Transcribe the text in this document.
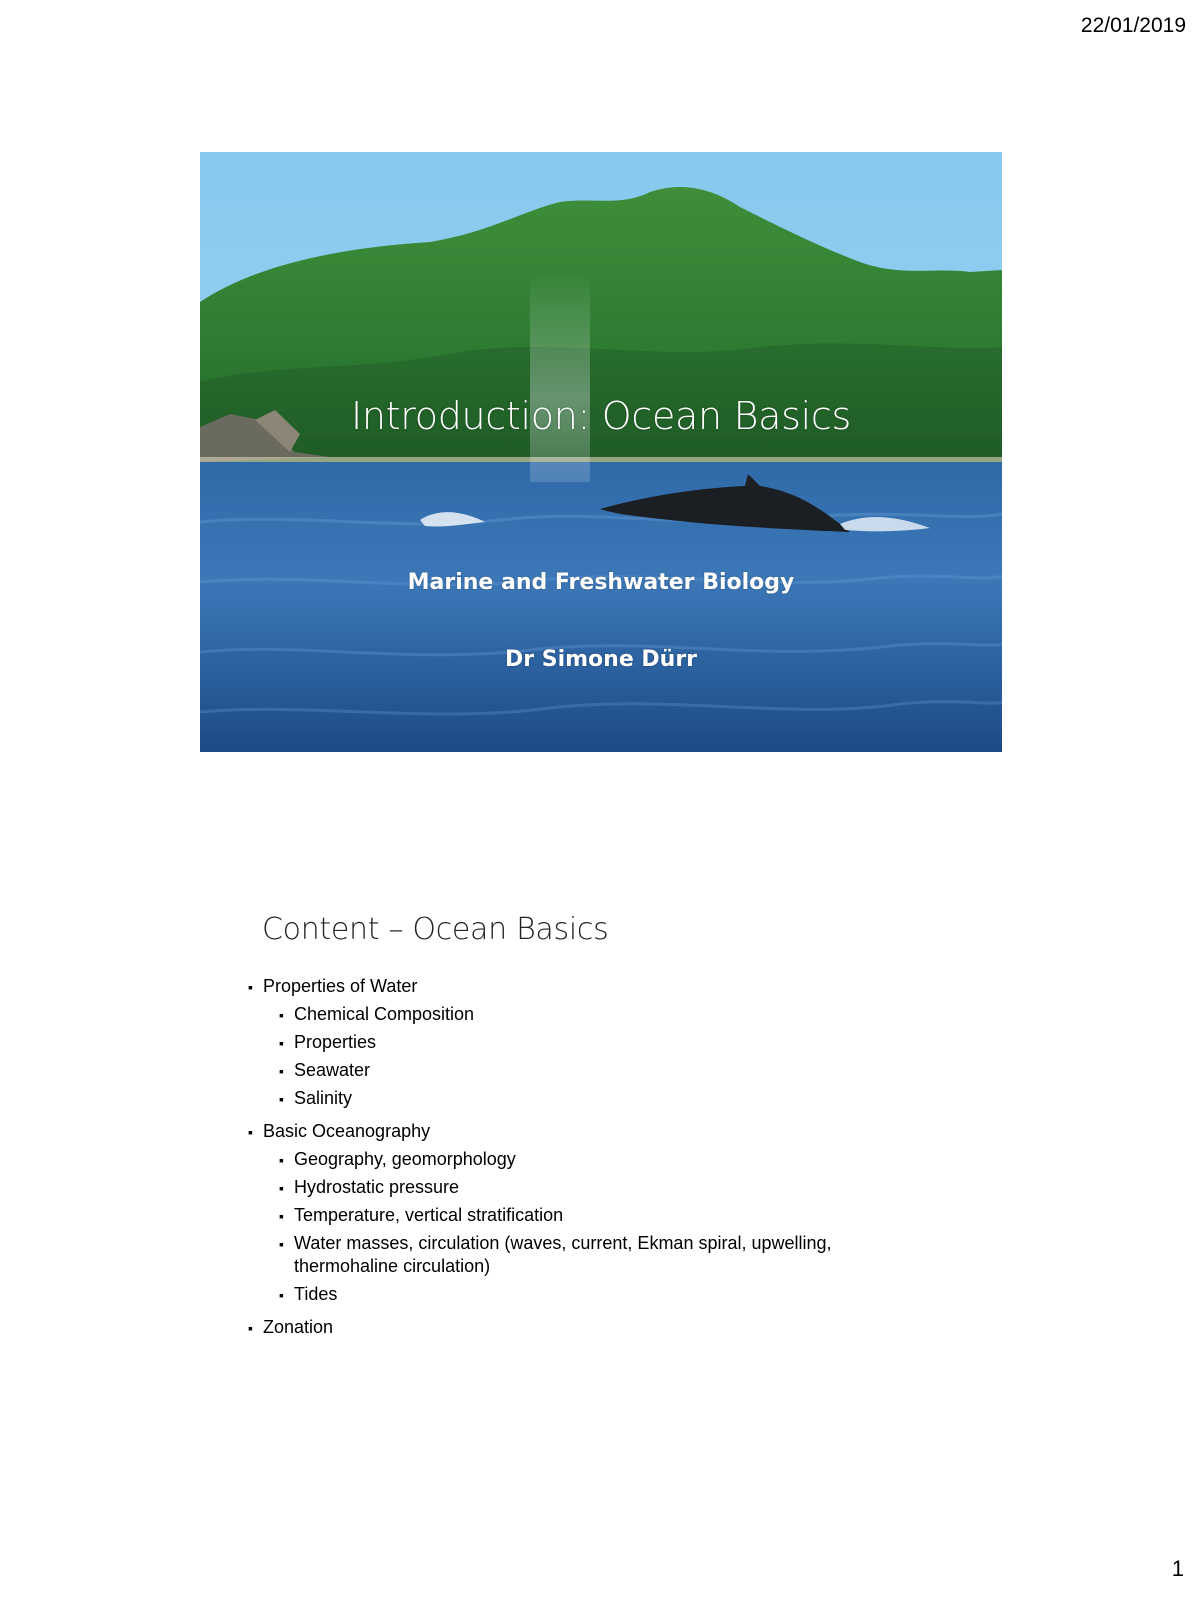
22/01/2019
Introduction: Ocean Basics
Marine and Freshwater Biology
Dr Simone Dürr
Content – Ocean Basics
▪ Properties of Water
▪ Chemical Composition
▪ Properties
▪ Seawater
▪ Salinity
▪ Basic Oceanography
▪ Geography, geomorphology
▪ Hydrostatic pressure
▪ Temperature, vertical stratification
▪ Water masses, circulation (waves, current, Ekman spiral, upwelling, thermohaline circulation)
▪ Tides
▪ Zonation
1
